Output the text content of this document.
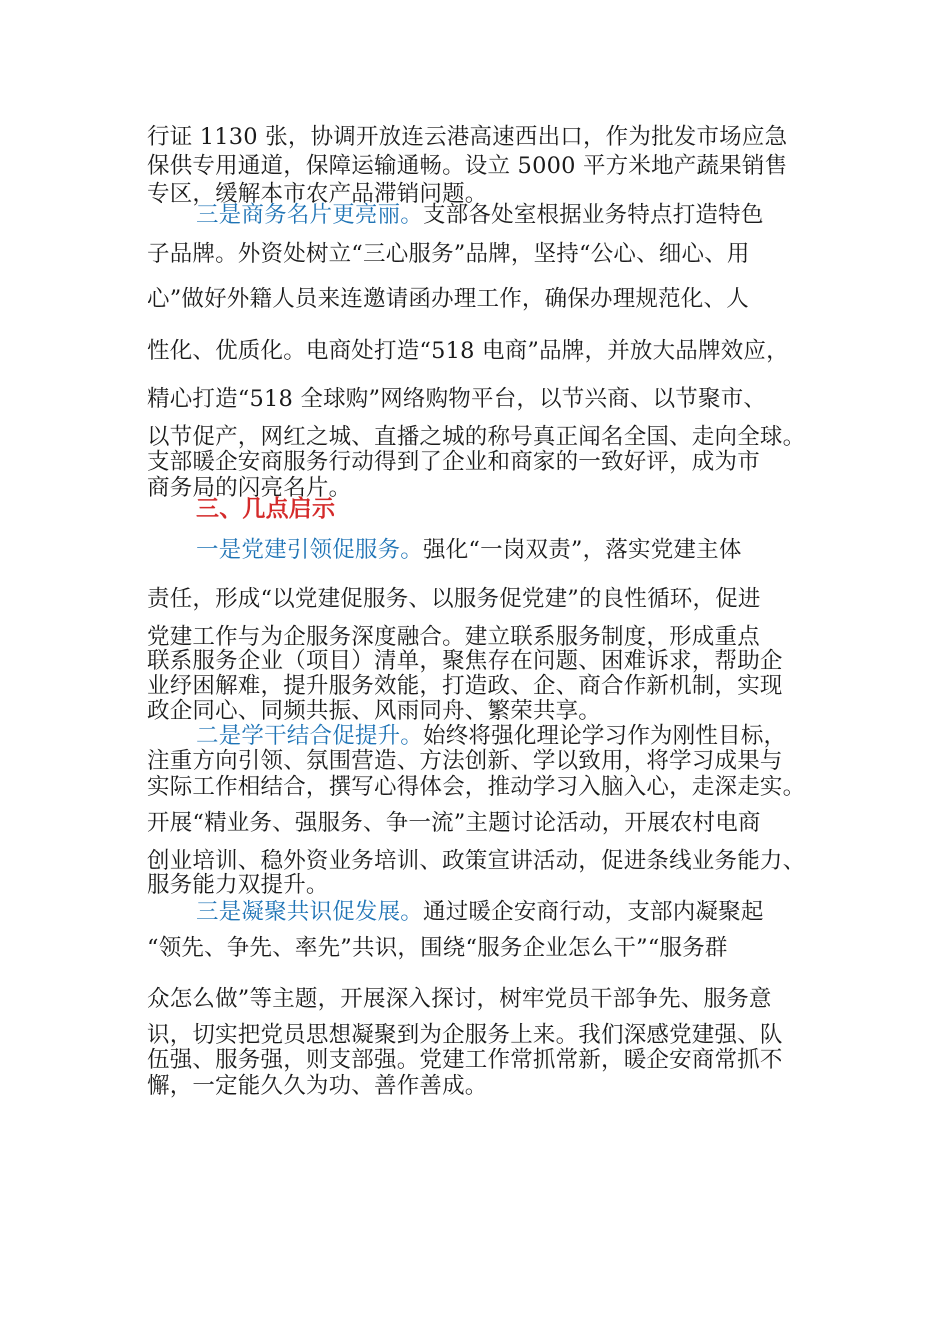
行证 1130 张，协调开放连云港高速西出口，作为批发市场应急
保供专用通道，保障运输通畅。设立 5000 平方米地产蔬果销售
专区，缓解本市农产品滞销问题。
三是商务名片更亮丽。支部各处室根据业务特点打造特色
子品牌。外资处树立“三心服务”品牌，坚持“公心、细心、用
心”做好外籍人员来连邀请函办理工作，确保办理规范化、人
性化、优质化。电商处打造“518 电商”品牌，并放大品牌效应，
精心打造“518 全球购”网络购物平台，以节兴商、以节聚市、
以节促产，网红之城、直播之城的称号真正闻名全国、走向全球。
支部暖企安商服务行动得到了企业和商家的一致好评，成为市
商务局的闪亮名片。
三、几点启示
一是党建引领促服务。强化“一岗双责”，落实党建主体
责任，形成“以党建促服务、以服务促党建”的良性循环，促进
党建工作与为企服务深度融合。建立联系服务制度，形成重点
联系服务企业（项目）清单，聚焦存在问题、困难诉求，帮助企
业纾困解难，提升服务效能，打造政、企、商合作新机制，实现
政企同心、同频共振、风雨同舟、繁荣共享。
二是学干结合促提升。始终将强化理论学习作为刚性目标，
注重方向引领、氛围营造、方法创新、学以致用，将学习成果与
实际工作相结合，撰写心得体会，推动学习入脑入心，走深走实。
开展“精业务、强服务、争一流”主题讨论活动，开展农村电商
创业培训、稳外资业务培训、政策宣讲活动，促进条线业务能力、
服务能力双提升。
三是凝聚共识促发展。通过暖企安商行动，支部内凝聚起
“领先、争先、率先”共识，围绕“服务企业怎么干”“服务群
众怎么做”等主题，开展深入探讨，树牢党员干部争先、服务意
识，切实把党员思想凝聚到为企服务上来。我们深感党建强、队
伍强、服务强，则支部强。党建工作常抓常新，暖企安商常抓不
懈，一定能久久为功、善作善成。
